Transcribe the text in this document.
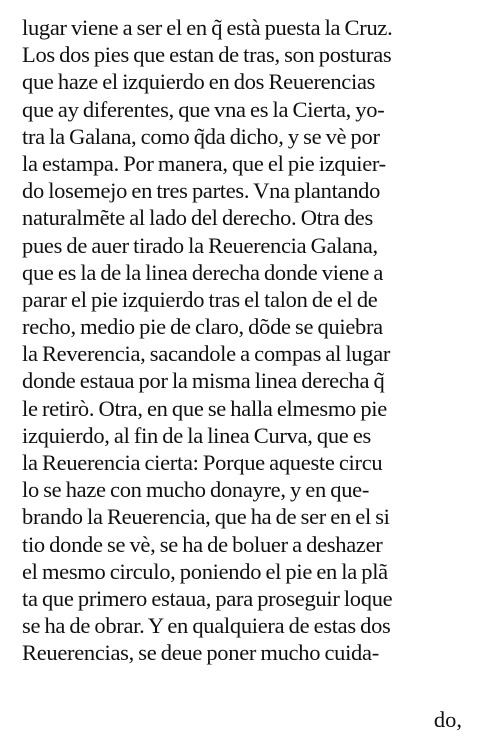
lugar viene a ser el en q̃ està puesta la Cruz.
Los dos pies que estan de tras, son posturas
que haze el izquierdo en dos Reuerencias
que ay diferentes, que vna es la Cierta, yo-
tra la Galana, como q̃da dicho, y se vè por
la estampa. Por manera, que el pie izquier-
do losemejo en tres partes. Vna plantando
naturalmẽte al lado del derecho. Otra des
pues de auer tirado la Reuerencia Galana,
que es la de la linea derecha donde viene a
parar el pie izquierdo tras el talon de el de
recho, medio pie de claro, dõde se quiebra
la Reverencia, sacandole a compas al lugar
donde estaua por la misma linea derecha q̃
le retirò. Otra, en que se halla elmesmo pie
izquierdo, al fin de la linea Curva, que es
la Reuerencia cierta: Porque aqueste circu
lo se haze con mucho donayre, y en que-
brando la Reuerencia, que ha de ser en el si
tio donde se vè, se ha de boluer a deshazer
el mesmo circulo, poniendo el pie en la plã
ta que primero estaua, para proseguir loque
se ha de obrar. Y en qualquiera de estas dos
Reuerencias, se deue poner mucho cuida-
do,
